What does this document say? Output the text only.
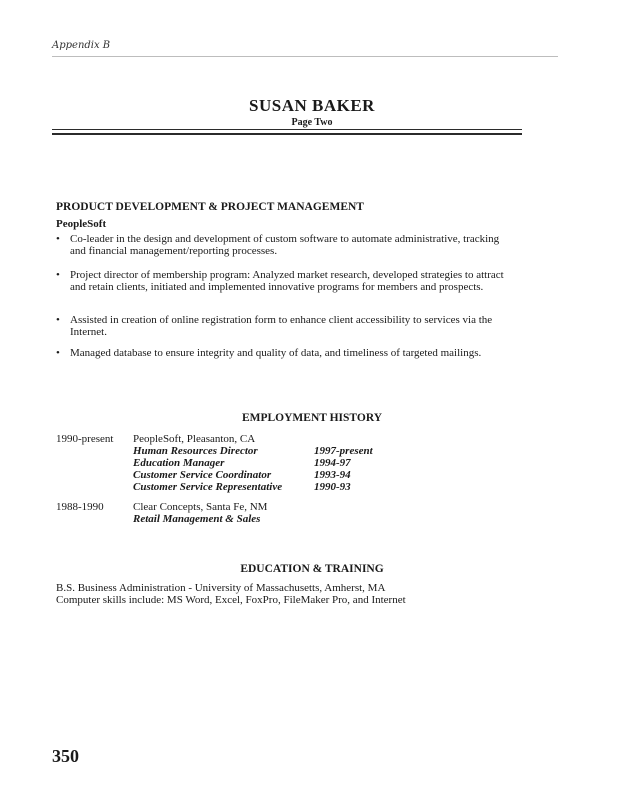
Appendix B
SUSAN BAKER
Page Two
PRODUCT DEVELOPMENT & PROJECT MANAGEMENT
PeopleSoft
• Co-leader in the design and development of custom software to automate administrative, tracking and financial management/reporting processes.
• Project director of membership program: Analyzed market research, developed strategies to attract and retain clients, initiated and implemented innovative programs for members and prospects.
• Assisted in creation of online registration form to enhance client accessibility to services via the Internet.
• Managed database to ensure integrity and quality of data, and timeliness of targeted mailings.
EMPLOYMENT HISTORY
1990-present	PeopleSoft, Pleasanton, CA
Human Resources Director	1997-present
Education Manager	1994-97
Customer Service Coordinator	1993-94
Customer Service Representative	1990-93
1988-1990	Clear Concepts, Santa Fe, NM
Retail Management & Sales
EDUCATION & TRAINING
B.S. Business Administration - University of Massachusetts, Amherst, MA
Computer skills include: MS Word, Excel, FoxPro, FileMaker Pro, and Internet
350
